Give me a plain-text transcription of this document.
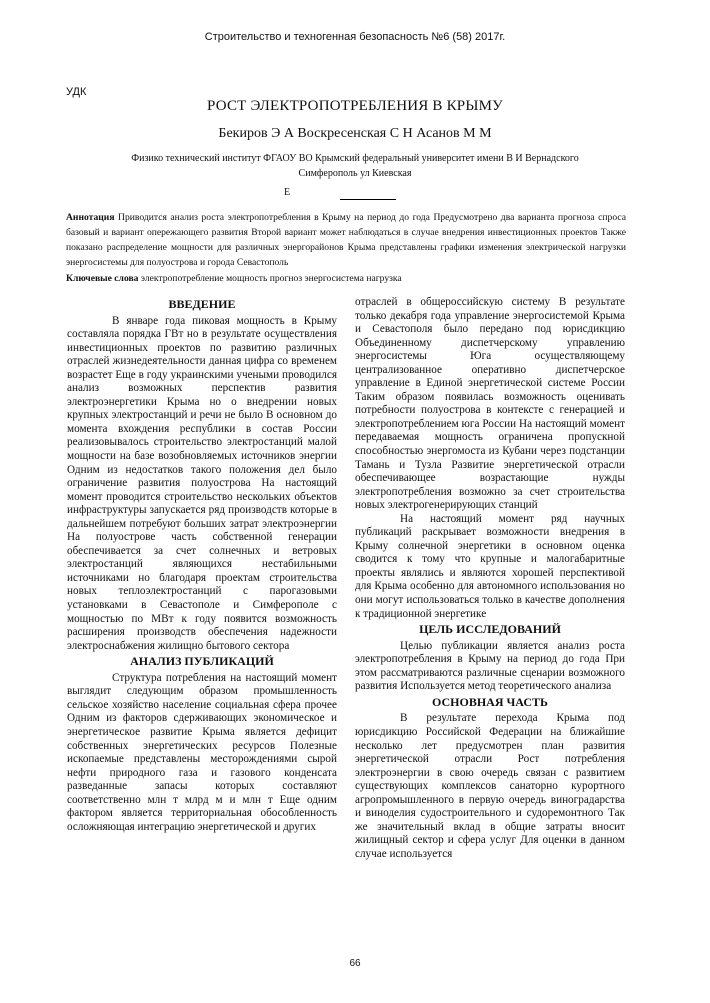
Строительство и техногенная безопасность №6 (58) 2017г.
УДК
РОСТ ЭЛЕКТРОПОТРЕБЛЕНИЯ В КРЫМУ
Бекиров Э А Воскресенская С Н Асанов М М
Физико технический институт ФГАОУ ВО Крымский федеральный университет имени В И Вернадского
Симферополь ул Киевская
Е
Аннотация Приводится анализ роста электропотребления в Крыму на период до года Предусмотрено два варианта прогноза спроса базовый и вариант опережающего развития Второй вариант может наблюдаться в случае внедрения инвестиционных проектов Также показано распределение мощности для различных энергорайонов Крыма представлены графики изменения электрической нагрузки энергосистемы для полуострова и города Севастополь
Ключевые слова электропотребление мощность прогноз энергосистема нагрузка
ВВЕДЕНИЕ

В январе года пиковая мощность в Крыму составляла порядка ГВт но в результате осуществления инвестиционных проектов по развитию различных отраслей жизнедеятельности данная цифра со временем возрастет Еще в году украинскими учеными проводился анализ возможных перспектив развития электроэнергетики Крыма но о внедрении новых крупных электростанций и речи не было В основном до момента вхождения республики в состав России реализовывалось строительство электростанций малой мощности на базе возобновляемых источников энергии Одним из недостатков такого положения дел было ограничение развития полуострова На настоящий момент проводится строительство нескольких объектов инфраструктуры запускается ряд производств которые в дальнейшем потребуют больших затрат электроэнергии На полуострове часть собственной генерации обеспечивается за счет солнечных и ветровых электростанций являющихся нестабильными источниками но благодаря проектам строительства новых теплоэлектростанций с парогазовыми установками в Севастополе и Симферополе с мощностью по МВт к году появится возможность расширения производств обеспечения надежности электроснабжения жилищно бытового сектора

АНАЛИЗ ПУБЛИКАЦИЙ

Структура потребления на настоящий момент выглядит следующим образом промышленность сельское хозяйство население социальная сфера прочее Одним из факторов сдерживающих экономическое и энергетическое развитие Крыма является дефицит собственных энергетических ресурсов Полезные ископаемые представлены месторождениями сырой нефти природного газа и газового конденсата разведанные запасы которых составляют соответственно млн т млрд м и млн т Еще одним фактором является территориальная обособленность осложняющая интеграцию энергетической и других

отраслей в общероссийскую систему В результате только декабря года управление энергосистемой Крыма и Севастополя было передано под юрисдикцию Объединенному диспетчерскому управлению энергосистемы Юга осуществляющему централизованное оперативно диспетчерское управление в Единой энергетической системе России Таким образом появилась возможность оценивать потребности полуострова в контексте с генерацией и электропотреблением юга России На настоящий момент передаваемая мощность ограничена пропускной способностью энергомоста из Кубани через подстанции Тамань и Тузла Развитие энергетической отрасли обеспечивающее возрастающие нужды электропотребления возможно за счет строительства новых электрогенерирующих станций

На настоящий момент ряд научных публикаций раскрывает возможности внедрения в Крыму солнечной энергетики в основном оценка сводится к тому что крупные и малогабаритные проекты являлись и являются хорошей перспективой для Крыма особенно для автономного использования но они могут использоваться только в качестве дополнения к традиционной энергетике

ЦЕЛЬ ИССЛЕДОВАНИЙ

Целью публикации является анализ роста электропотребления в Крыму на период до года При этом рассматриваются различные сценарии возможного развития Используется метод теоретического анализа

ОСНОВНАЯ ЧАСТЬ

В результате перехода Крыма под юрисдикцию Российской Федерации на ближайшие несколько лет предусмотрен план развития энергетической отрасли Рост потребления электроэнергии в свою очередь связан с развитием существующих комплексов санаторно курортного агропромышленного в первую очередь виноградарства и виноделия судостроительного и судоремонтного Так же значительный вклад в общие затраты вносит жилищный сектор и сфера услуг Для оценки в данном случае используется

66
